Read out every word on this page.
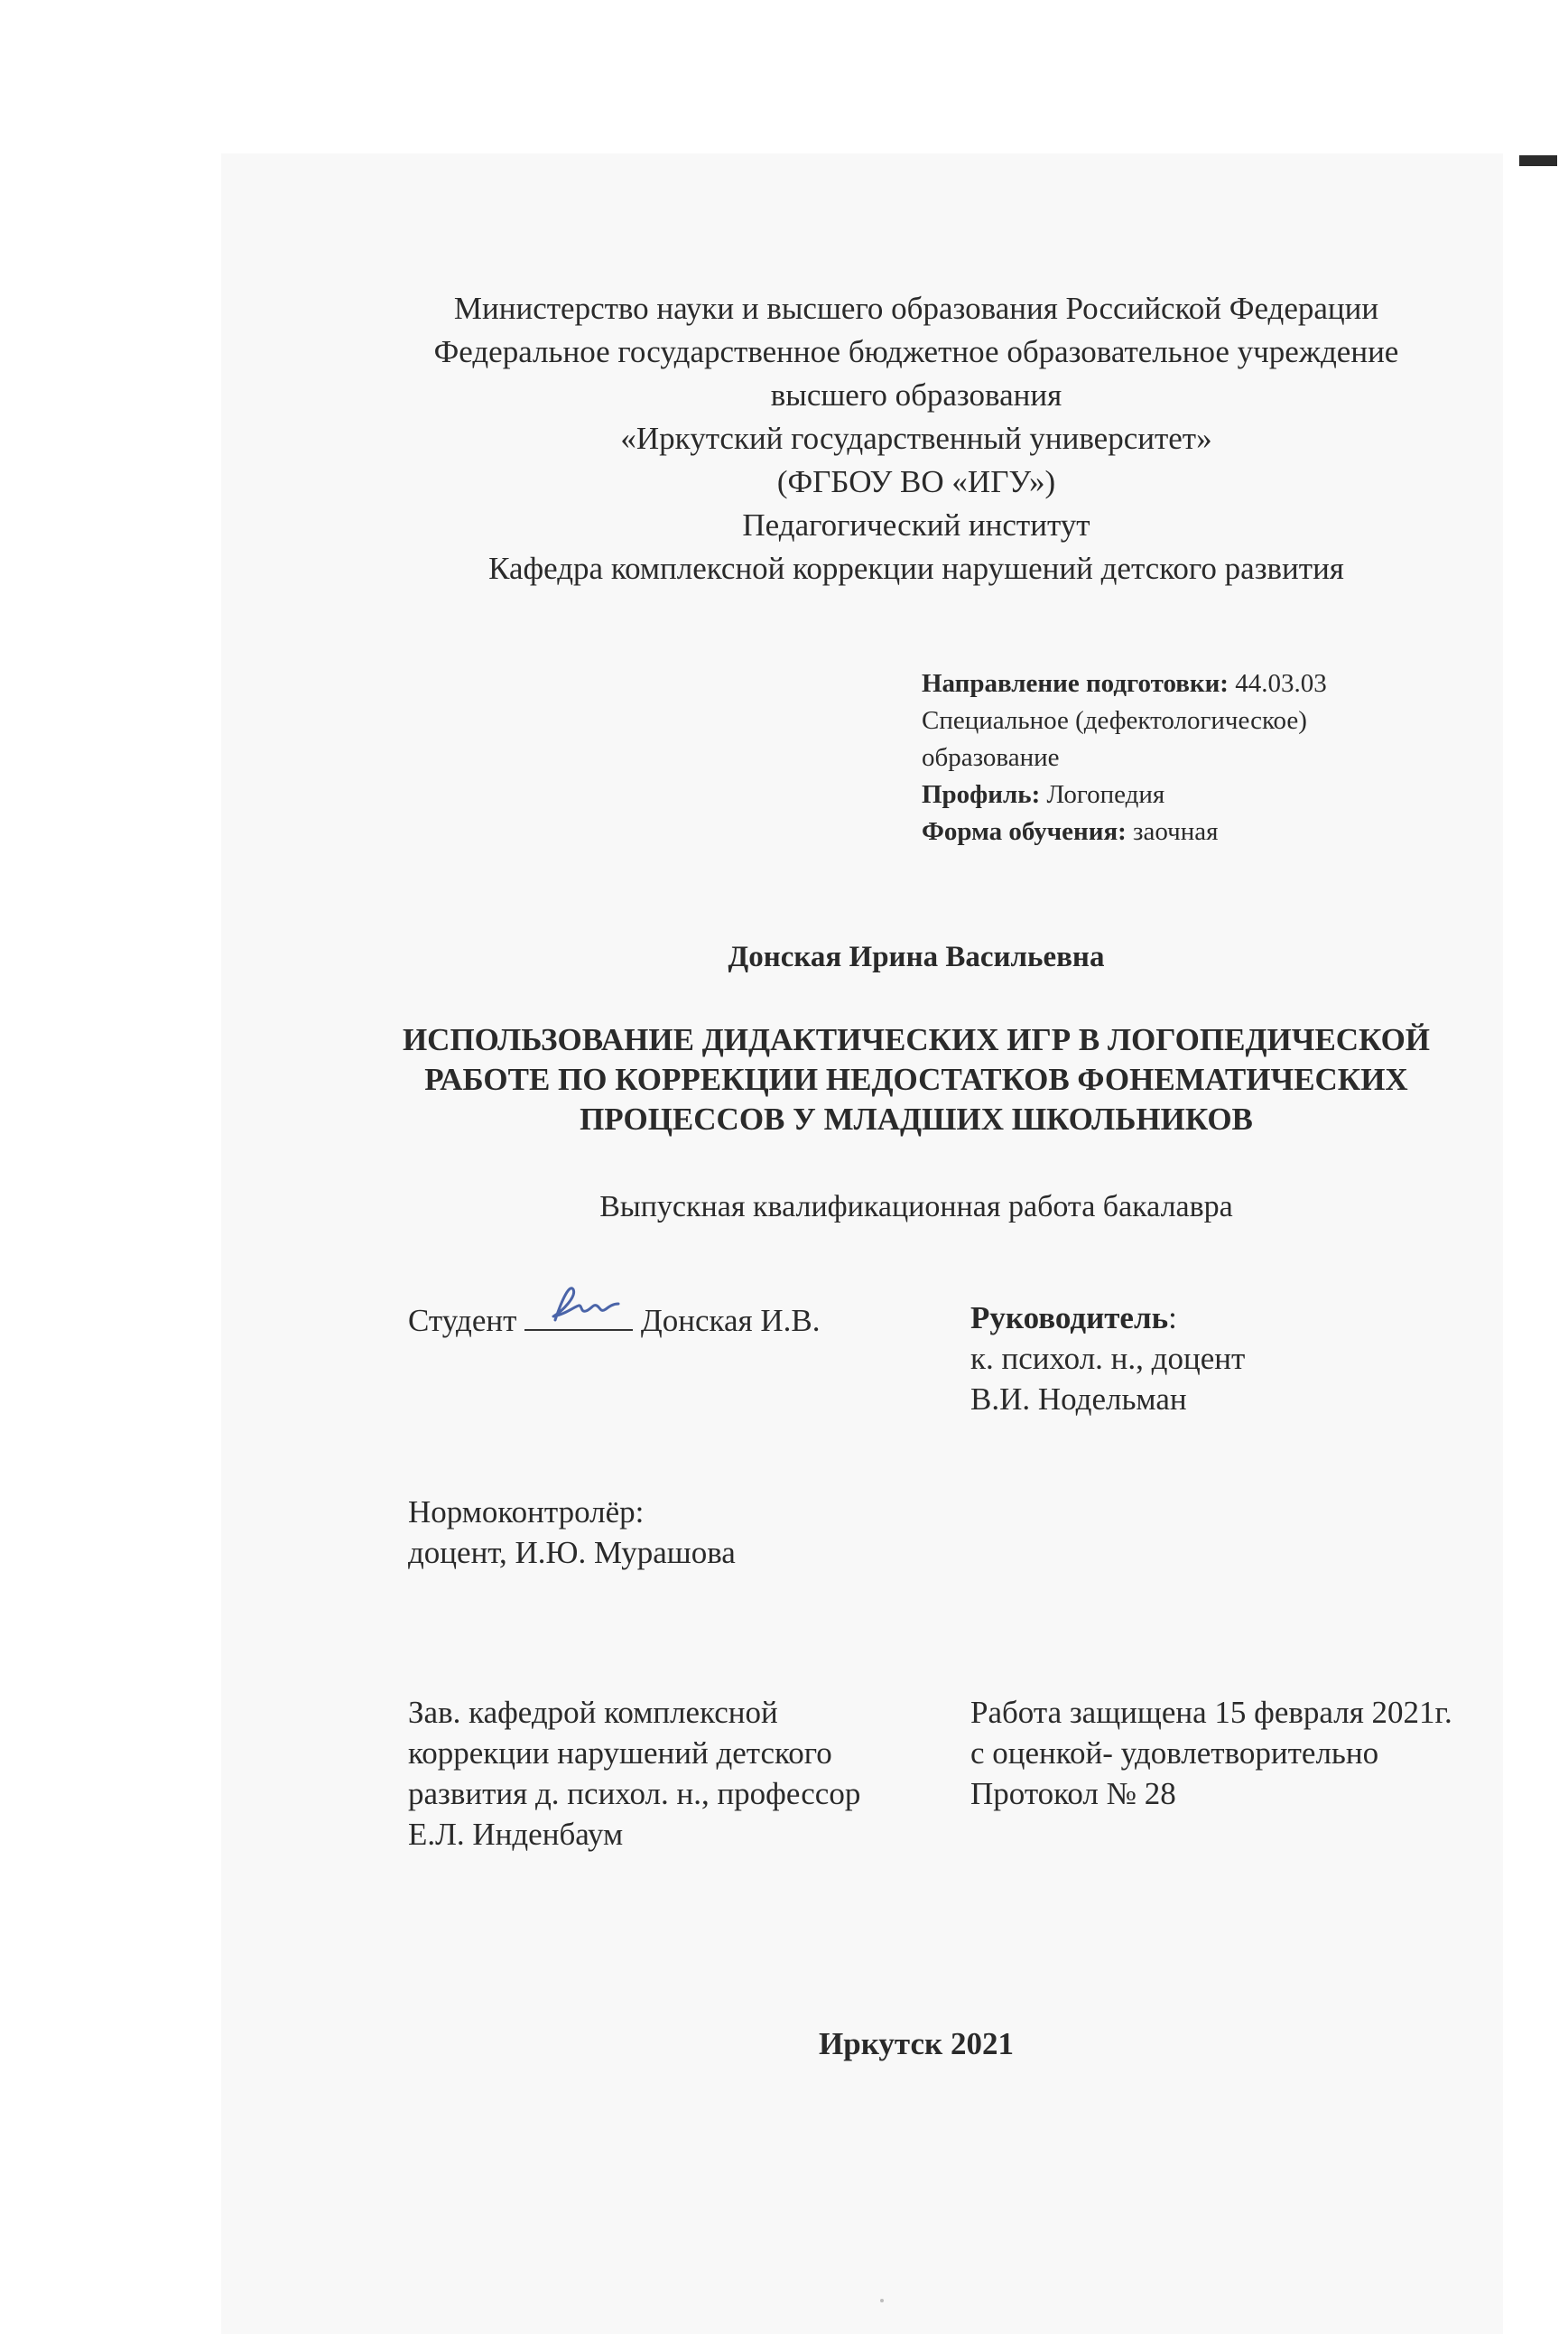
Министерство науки и высшего образования Российской Федерации
Федеральное государственное бюджетное образовательное учреждение
высшего образования
«Иркутский государственный университет»
(ФГБОУ ВО «ИГУ»)
Педагогический институт
Кафедра комплексной коррекции нарушений детского развития
Направление подготовки: 44.03.03
Специальное (дефектологическое)
образование
Профиль: Логопедия
Форма обучения: заочная
Донская Ирина Васильевна
ИСПОЛЬЗОВАНИЕ ДИДАКТИЧЕСКИХ ИГР В ЛОГОПЕДИЧЕСКОЙ
РАБОТЕ ПО КОРРЕКЦИИ НЕДОСТАТКОВ ФОНЕМАТИЧЕСКИХ
ПРОЦЕССОВ У МЛАДШИХ ШКОЛЬНИКОВ
Выпускная квалификационная работа бакалавра
Студент	Донская И.В.	Руководитель:
к. психол. н., доцент
В.И. Нодельман
Нормоконтролёр:
доцент, И.Ю. Мурашова
Зав. кафедрой комплексной
коррекции нарушений детского
развития д. психол. н., профессор
Е.Л. Инденбаум
Работа защищена 15 февраля 2021г.
с оценкой- удовлетворительно
Протокол № 28
Иркутск 2021
